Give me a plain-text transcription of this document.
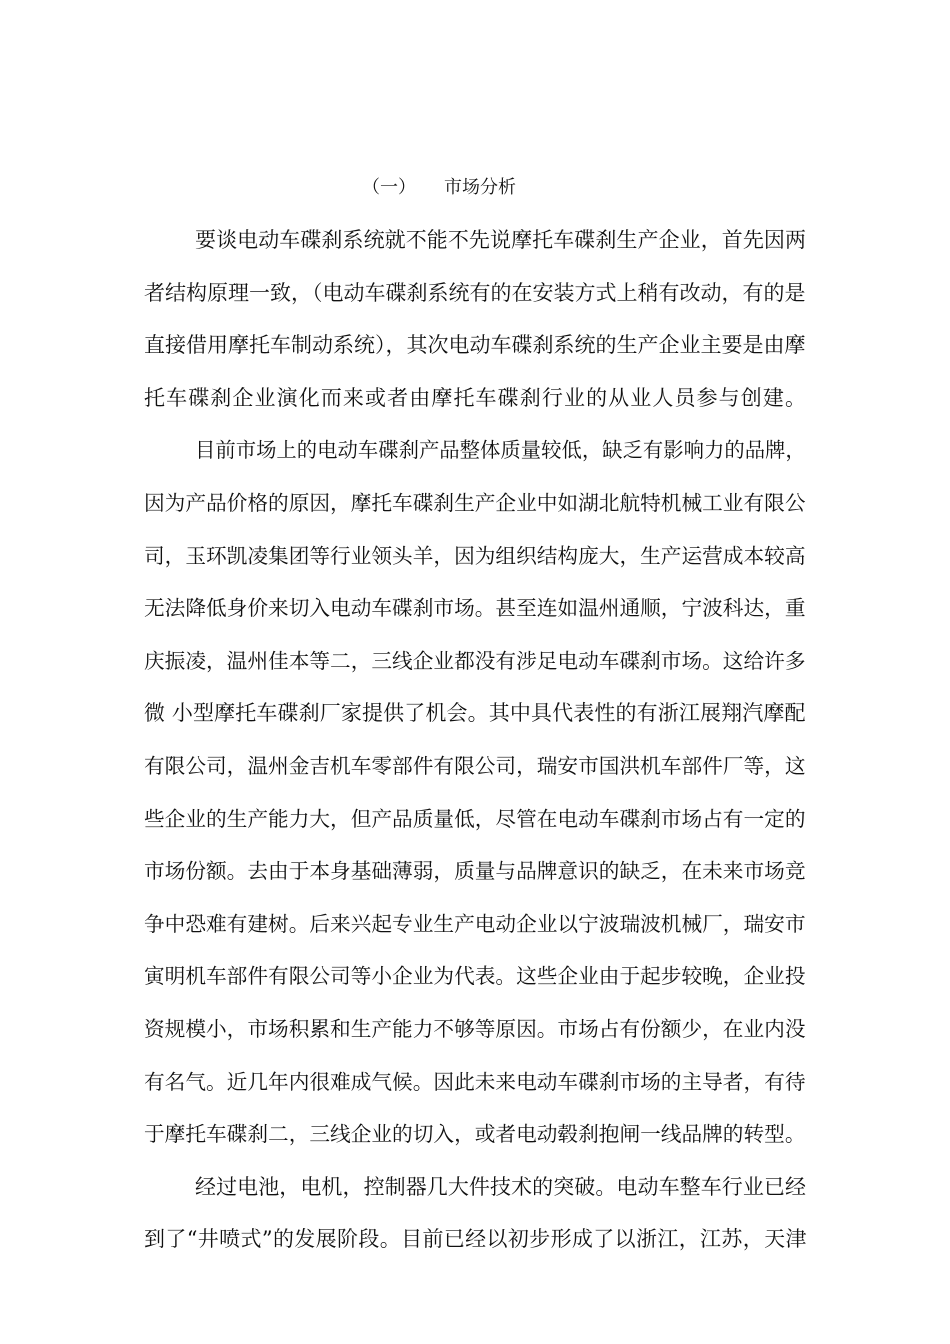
（一） 市场分析
要谈电动车碟刹系统就不能不先说摩托车碟刹生产企业，首先因两
者结构原理一致，（电动车碟刹系统有的在安装方式上稍有改动，有的是
直接借用摩托车制动系统），其次电动车碟刹系统的生产企业主要是由摩
托车碟刹企业演化而来或者由摩托车碟刹行业的从业人员参与创建。
目前市场上的电动车碟刹产品整体质量较低，缺乏有影响力的品牌，
因为产品价格的原因，摩托车碟刹生产企业中如湖北航特机械工业有限公
司，玉环凯凌集团等行业领头羊，因为组织结构庞大，生产运营成本较高
无法降低身价来切入电动车碟刹市场。甚至连如温州通顺，宁波科达，重
庆振凌，温州佳本等二，三线企业都没有涉足电动车碟刹市场。这给许多
微 小型摩托车碟刹厂家提供了机会。其中具代表性的有浙江展翔汽摩配
有限公司，温州金吉机车零部件有限公司，瑞安市国洪机车部件厂等，这
些企业的生产能力大，但产品质量低，尽管在电动车碟刹市场占有一定的
市场份额。去由于本身基础薄弱，质量与品牌意识的缺乏，在未来市场竞
争中恐难有建树。后来兴起专业生产电动企业以宁波瑞波机械厂，瑞安市
寅明机车部件有限公司等小企业为代表。这些企业由于起步较晚，企业投
资规模小，市场积累和生产能力不够等原因。市场占有份额少，在业内没
有名气。近几年内很难成气候。因此未来电动车碟刹市场的主导者，有待
于摩托车碟刹二，三线企业的切入，或者电动毂刹抱闸一线品牌的转型。
经过电池，电机，控制器几大件技术的突破。电动车整车行业已经
到了“井喷式”的发展阶段。目前已经以初步形成了以浙江，江苏，天津
